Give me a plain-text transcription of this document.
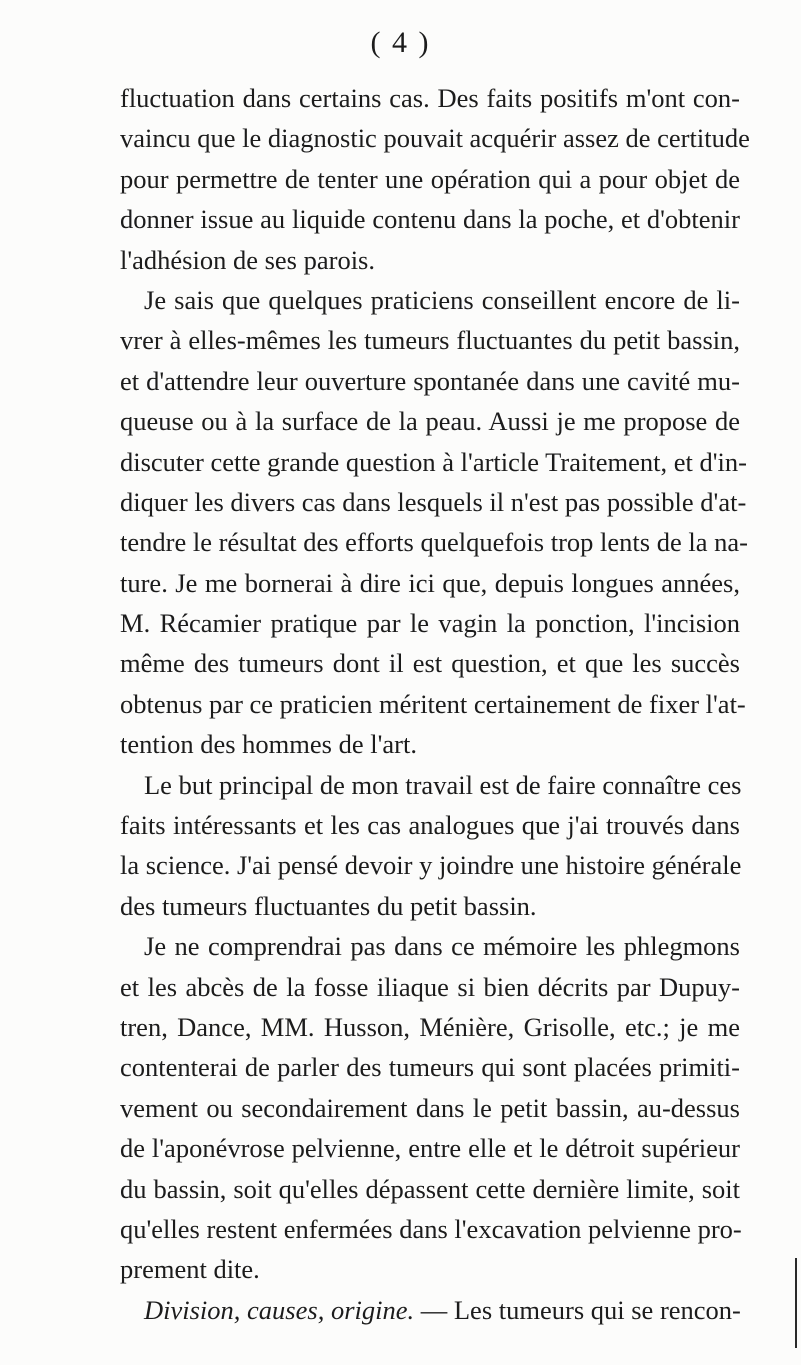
( 4 )
fluctuation dans certains cas. Des faits positifs m'ont con-
vaincu que le diagnostic pouvait acquérir assez de certitude
pour permettre de tenter une opération qui a pour objet de
donner issue au liquide contenu dans la poche, et d'obtenir
l'adhésion de ses parois.
Je sais que quelques praticiens conseillent encore de li-
vrer à elles-mêmes les tumeurs fluctuantes du petit bassin,
et d'attendre leur ouverture spontanée dans une cavité mu-
queuse ou à la surface de la peau. Aussi je me propose de
discuter cette grande question à l'article Traitement, et d'in-
diquer les divers cas dans lesquels il n'est pas possible d'at-
tendre le résultat des efforts quelquefois trop lents de la na-
ture. Je me bornerai à dire ici que, depuis longues années,
M. Récamier pratique par le vagin la ponction, l'incision
même des tumeurs dont il est question, et que les succès
obtenus par ce praticien méritent certainement de fixer l'at-
tention des hommes de l'art.
Le but principal de mon travail est de faire connaître ces
faits intéressants et les cas analogues que j'ai trouvés dans
la science. J'ai pensé devoir y joindre une histoire générale
des tumeurs fluctuantes du petit bassin.
Je ne comprendrai pas dans ce mémoire les phlegmons
et les abcès de la fosse iliaque si bien décrits par Dupuy-
tren, Dance, MM. Husson, Ménière, Grisolle, etc.; je me
contenterai de parler des tumeurs qui sont placées primiti-
vement ou secondairement dans le petit bassin, au-dessus
de l'aponévrose pelvienne, entre elle et le détroit supérieur
du bassin, soit qu'elles dépassent cette dernière limite, soit
qu'elles restent enfermées dans l'excavation pelvienne pro-
prement dite.
Division, causes, origine. — Les tumeurs qui se rencon-
